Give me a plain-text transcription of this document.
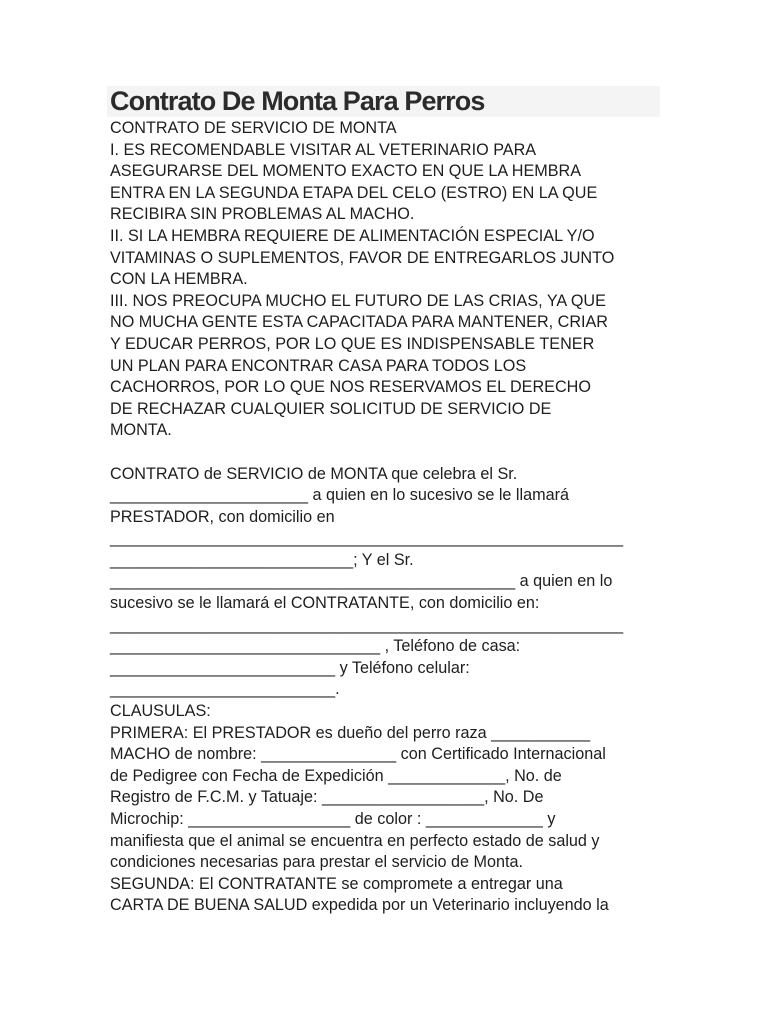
Contrato De Monta Para Perros
CONTRATO DE SERVICIO DE MONTA
I. ES RECOMENDABLE VISITAR AL VETERINARIO PARA
ASEGURARSE DEL MOMENTO EXACTO EN QUE LA HEMBRA
ENTRA EN LA SEGUNDA ETAPA DEL CELO (ESTRO) EN LA QUE
RECIBIRA SIN PROBLEMAS AL MACHO.
II. SI LA HEMBRA REQUIERE DE ALIMENTACIÓN ESPECIAL Y/O
VITAMINAS O SUPLEMENTOS, FAVOR DE ENTREGARLOS JUNTO
CON LA HEMBRA.
III. NOS PREOCUPA MUCHO EL FUTURO DE LAS CRIAS, YA QUE
NO MUCHA GENTE ESTA CAPACITADA PARA MANTENER, CRIAR
Y EDUCAR PERROS, POR LO QUE ES INDISPENSABLE TENER
UN PLAN PARA ENCONTRAR CASA PARA TODOS LOS
CACHORROS, POR LO QUE NOS RESERVAMOS EL DERECHO
DE RECHAZAR CUALQUIER SOLICITUD DE SERVICIO DE
MONTA.
CONTRATO de SERVICIO de MONTA que celebra el Sr.
______________________ a quien en lo sucesivo se le llamará
PRESTADOR, con domicilio en
_________________________________________________________
___________________________; Y el Sr.
_____________________________________________ a quien en lo
sucesivo se le llamará el CONTRATANTE, con domicilio en:
_________________________________________________________
______________________________ , Teléfono de casa:
_________________________ y Teléfono celular:
_________________________.
CLAUSULAS:
PRIMERA: El PRESTADOR es dueño del perro raza ___________
MACHO de nombre: _______________ con Certificado Internacional
de Pedigree con Fecha de Expedición _____________, No. de
Registro de F.C.M. y Tatuaje: __________________, No. De
Microchip: __________________ de color : _____________ y
manifiesta que el animal se encuentra en perfecto estado de salud y
condiciones necesarias para prestar el servicio de Monta.
SEGUNDA: El CONTRATANTE se compromete a entregar una
CARTA DE BUENA SALUD expedida por un Veterinario incluyendo la
